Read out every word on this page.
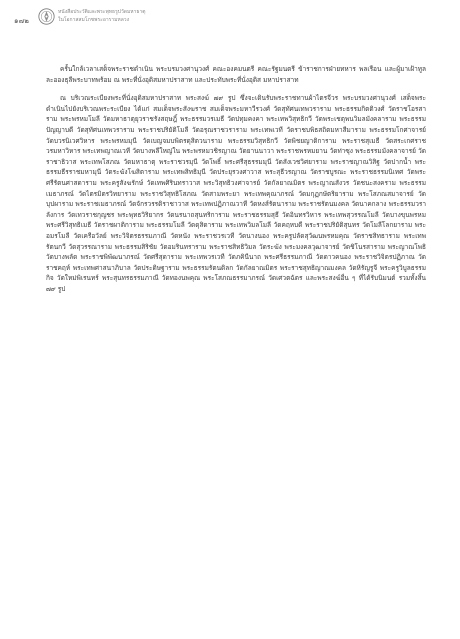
๑๗๒
หนังสือประวัติและพระพุทธรูปวัดมหาธาตุ
ในโอกาสสมโภชพระอารามหลวง

ครั้นใกล้เวลาเสด็จพระราชดำเนิน พระบรมวงศานุวงศ์ คณะองคมนตรี คณะรัฐมนตรี ข้าราชการฝ่ายทหาร พลเรือน และผู้มาเฝ้าทูลละอองธุลีพระบาทพร้อม ณ พระที่นั่งอุดิสมหาปราสาท และประทับพระที่นั่งอุดิส มหาปราสาท

ณ บริเวณระเบียงพระที่นั่งอุดิสมหาปราสาท พระสงฆ์ ๗๙ รูป ซึ่งจะเดินรับพระราชทานผ้าไตรจีวร พระบรมวงศานุวงศ์ เสด็จพระดำเนินไปยังบริเวณพระระเบียง ได้แก่ สมเด็จพระสังฆราช สมเด็จพระมหาวีรวงศ์ วัดสุทัศนเทพวราราม พระธรรมกิตติวงศ์ วัดราชโอรสาราม พระพรหมโมลี วัดมหาธาตุยุวราชรังสฤษฎิ์ พระธรรมวรเมธี วัดปทุมคงคา พระเทพวิสุทธิกวี วัดพระเชตุพนวิมลมังคลาราม พระธรรมปัญญาบดี วัดสุทัศนเทพวราราม พระราชปริยัติโมลี วัดอรุณราชวราราม พระเทพเวที วัดราชบพิธสถิตมหาสีมาราม พระธรรมโกศาจารย์ วัดบวรนิเวศวิหาร พระพรหมมุนี วัดเบญจมบพิตรดุสิตวนาราม พระธรรมวิสุทธิกวี วัดพิชยญาติการาม พระราชสุเมธี วัดสระเกศราชวรมหาวิหาร พระเทพญาณเวที วัดบางพลีใหญ่ใน พระพรหมวชิรญาณ วัดยานนาวา พระราชพรหมยาน วัดท่าซุง พระธรรมมังคลาจารย์ วัดราชาธิวาส พระเทพโสภณ วัดมหาธาตุ พระราชวรมุนี วัดโพธิ์ พระศรีสุธรรมมุนี วัดสังเวชวิศยาราม พระราชญาณวิสิฐ วัดปากน้ำ พระธรรมธีรราชมหามุนี วัดระฆังโฆสิตาราม พระเทพสิทธิมุนี วัดประยุรวงศาวาส พระสุธีวรญาณ วัดราชบูรณะ พระราชธรรมนิเทศ วัดพระศรีรัตนศาสดาราม พระครูสังฆรักษ์ วัดเทพศิรินทราวาส พระวิสุทธิวงศาจารย์ วัดกัลยาณมิตร พระญาณสังวร วัดชนะสงคราม พระธรรมเมธาภรณ์ วัดไตรมิตรวิทยาราม พระราชวิสุทธิโสภณ วัดสามพระยา พระเทพคุณาภรณ์ วัดมกุฏกษัตริยาราม พระโสภณสมาจารย์ วัดบุปผาราม พระราชเมธาภรณ์ วัดจักรวรรดิราชาวาส พระเทพปฏิภาณวาที วัดหงส์รัตนาราม พระราชรัตนมงคล วัดนาคกลาง พระธรรมวราลังการ วัดเทวราชกุญชร พระพุทธวิริยากร วัดนรนาถสุนทริการาม พระราชธรรมสุธี วัดอินทรวิหาร พระเทพสุวรรณโมลี วัดบางขุนพรหม พระศรีวิสุทธิเมธี วัดราชผาติการาม พระธรรมโมลี วัดดุสิดาราม พระเทพวิมลโมลี วัดคฤหบดี พระราชปริยัติสุนทร วัดโมลีโลกยาราม พระอมรโมลี วัดเครือวัลย์ พระวิจิตรธรรมภาณี วัดหนัง พระราชวรเวที วัดนางนอง พระครูปลัดสุวัฒนพรหมคุณ วัดราชสิทธาราม พระเทพรัตนกวี วัดสุวรรณาราม พระธรรมสิริชัย วัดอมรินทราราม พระราชสิทธิวิมล วัดระฆัง พระมงคลวุฒาจารย์ วัดชิโนรสาราม พระญาณโพธิ วัดบางพลัด พระราชพิพัฒนาภรณ์ วัดศรีสุดาราม พระเทพวรเวที วัดภคินีนาถ พระศรีธรรมภาณี วัดดาวคนอง พระราชวิจิตรปฏิภาณ วัดราชคฤห์ พระเทพศาสนาภิบาล วัดประดิษฐาราม พระธรรมรัตนดิลก วัดกัลยาณมิตร พระราชสุทธิญาณมงคล วัดหิรัญรูจี พระครูวิบูลธรรมกิจ วัดใหม่พิเรนทร์ พระสุนทรธรรมภาณี วัดทองนพคุณ พระโสภณธรรมาภรณ์ วัดเศวตฉัตร และพระสงฆ์อื่น ๆ ที่ได้รับนิมนต์ รวมทั้งสิ้น ๗๙ รูป
